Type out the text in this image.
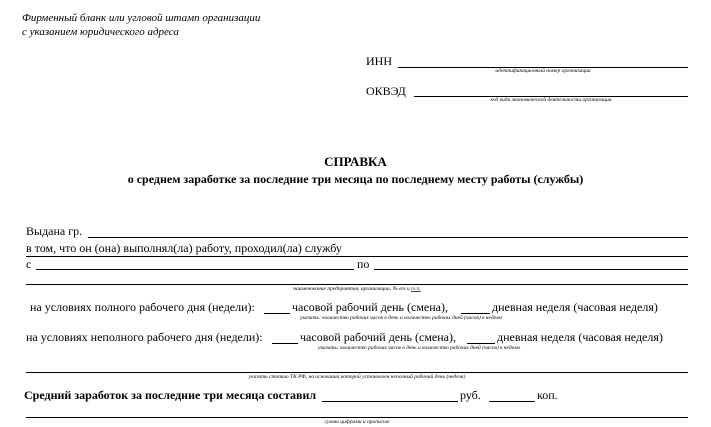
Фирменный бланк или угловой штамп организации
с указанием юридического адреса
ИНН
идентификационный номер организации
ОКВЭД
код вида экономической деятельности организации
СПРАВКА
о среднем заработке за последние три месяца по последнему месту работы (службы)
Выдана гр.
в том, что он (она) выполнял(ла) работу, проходил(ла) службу
с	по
наименование предприятия, организации, № в/ч и т.п.
на условиях полного рабочего дня (недели):	часовой рабочий день (смена),	дневная неделя (часовая неделя)
указать: количество рабочих часов в день и количество рабочих дней (часов) в неделю
на условиях неполного рабочего дня (недели):	часовой рабочий день (смена),	дневная неделя (часовая неделя)
указать: количество рабочих часов в день и количество рабочих дней (часов) в неделю
указать статью ТК РФ, на основании которой установлен неполный рабочий день (неделя)
Средний заработок за последние три месяца составил	руб.	коп.
сумма цифрами и прописью
